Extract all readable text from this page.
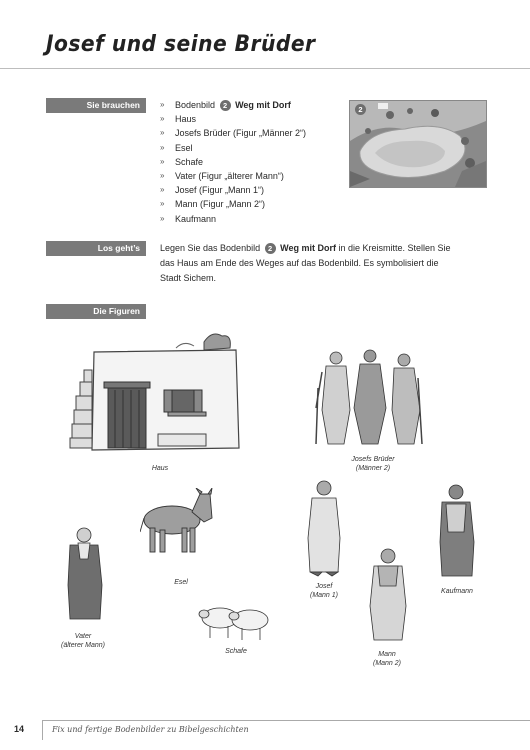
Josef und seine Brüder
Sie brauchen	»	Bodenbild 2 Weg mit Dorf
»	Haus
»	Josefs Brüder (Figur „Männer 2“)
»	Esel
»	Schafe
»	Vater (Figur „älterer Mann“)
»	Josef (Figur „Mann 1“)
»	Mann (Figur „Mann 2“)
»	Kaufmann
2
Los geht’s	Legen Sie das Bodenbild 2 Weg mit Dorf in die Kreismitte. Stellen Sie das Haus am Ende des Weges auf das Bodenbild. Es symbolisiert die Stadt Sichem.
Die Figuren
Haus
Josefs Brüder
(Männer 2)
Esel
Josef
(Mann 1)
Kaufmann
Vater
(älterer Mann)
Schafe	Mann
(Mann 2)
14	Fix und fertige Bodenbilder zu Bibelgeschichten
